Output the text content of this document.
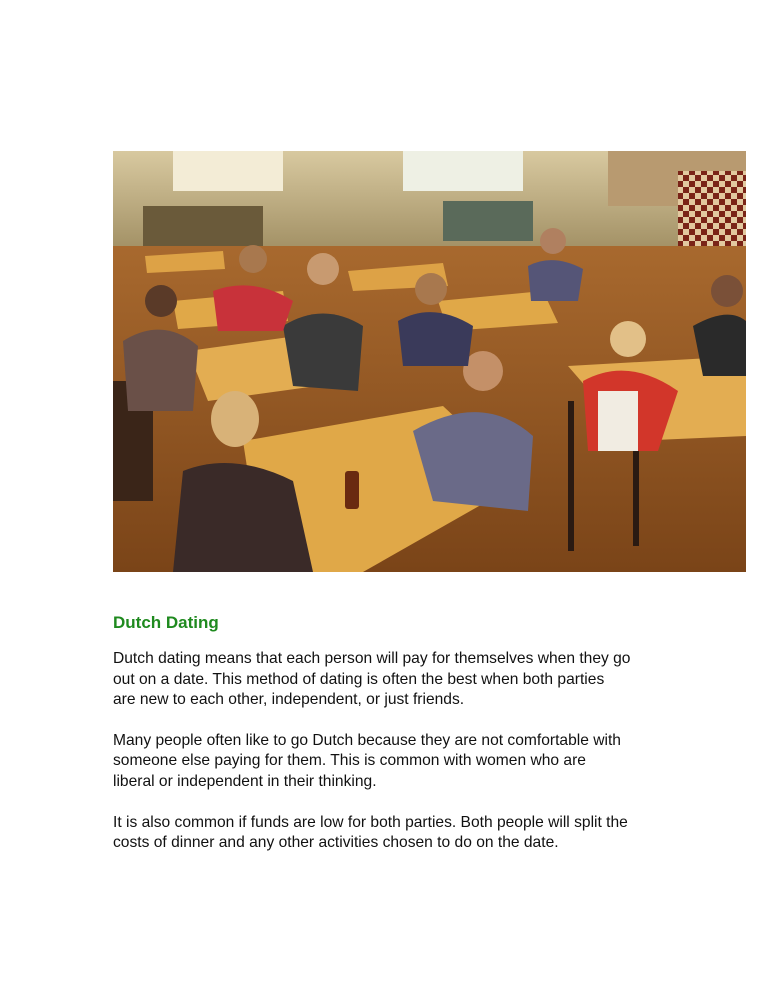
Dutch Dating

Dutch dating means that each person will pay for themselves when they go
out on a date. This method of dating is often the best when both parties
are new to each other, independent, or just friends.

Many people often like to go Dutch because they are not comfortable with
someone else paying for them. This is common with women who are
liberal or independent in their thinking.

It is also common if funds are low for both parties. Both people will split the
costs of dinner and any other activities chosen to do on the date.
